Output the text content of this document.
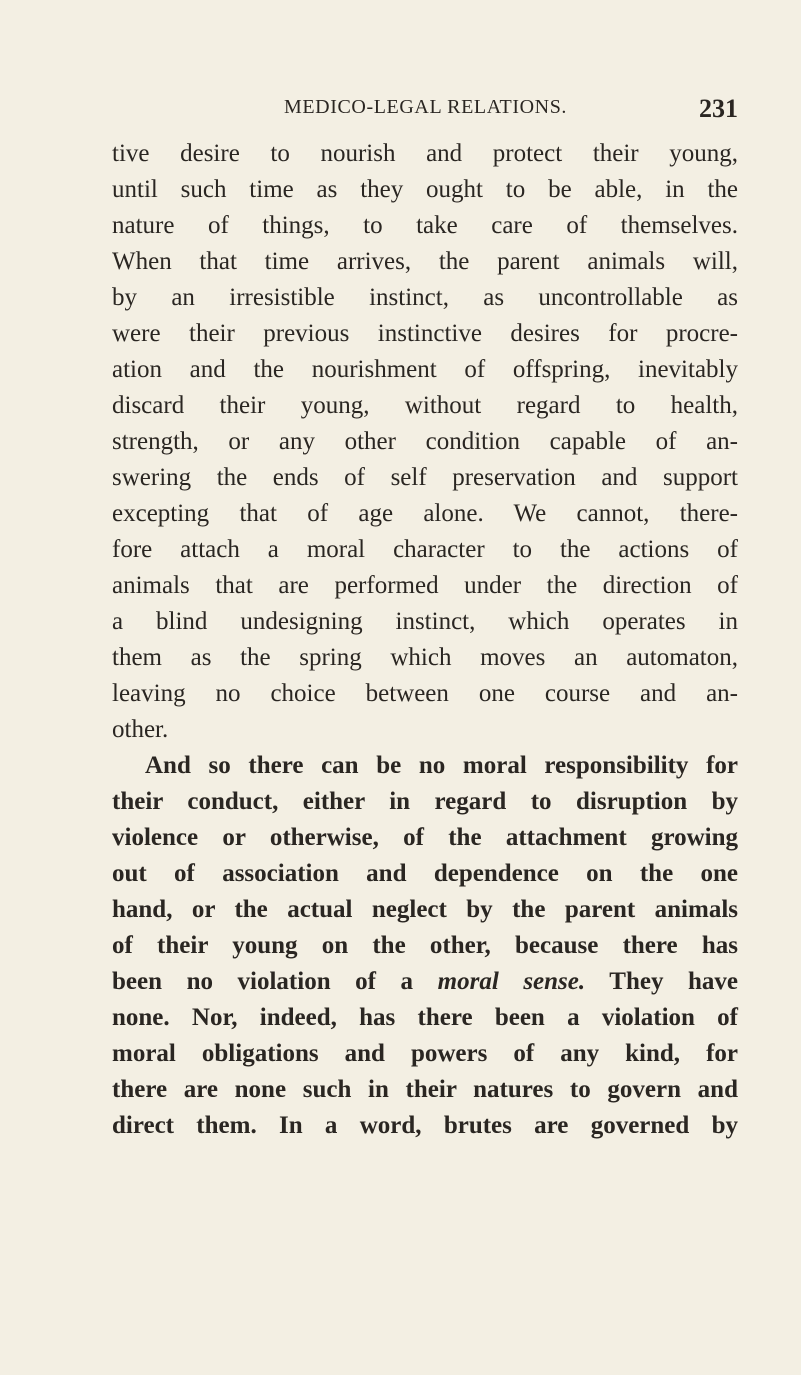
MEDICO-LEGAL RELATIONS.	231
tive desire to nourish and protect their young,
until such time as they ought to be able, in the
nature of things, to take care of themselves.
When that time arrives, the parent animals will,
by an irresistible instinct, as uncontrollable as
were their previous instinctive desires for procre-
ation and the nourishment of offspring, inevitably
discard their young, without regard to health,
strength, or any other condition capable of an-
swering the ends of self preservation and support
excepting that of age alone. We cannot, there-
fore attach a moral character to the actions of
animals that are performed under the direction of
a blind undesigning instinct, which operates in
them as the spring which moves an automaton,
leaving no choice between one course and an-
other.
And so there can be no moral responsibility for
their conduct, either in regard to disruption by
violence or otherwise, of the attachment growing
out of association and dependence on the one
hand, or the actual neglect by the parent animals
of their young on the other, because there has
been no violation of a moral sense. They have
none. Nor, indeed, has there been a violation of
moral obligations and powers of any kind, for
there are none such in their natures to govern and
direct them. In a word, brutes are governed by
